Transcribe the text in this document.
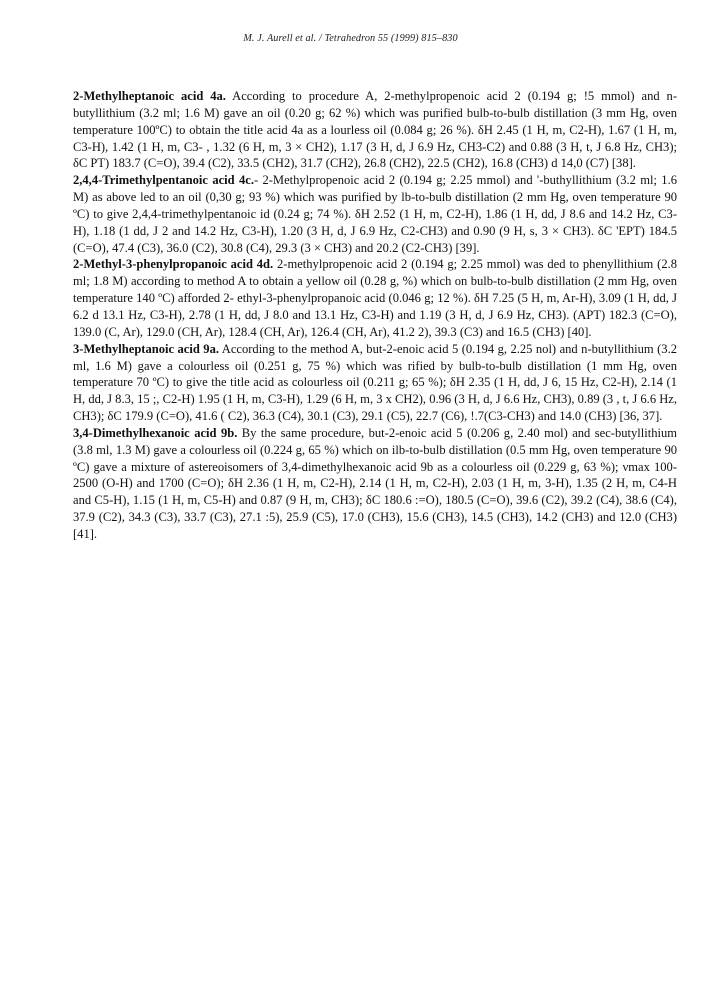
M. J. Aurell et al. / Tetrahedron 55 (1999) 815–830

2-Methylheptanoic acid 4a. According to procedure A, 2-methylpropenoic acid 2 (0.194 g; !5 mmol) and n-butyllithium (3.2 ml; 1.6 M) gave an oil (0.20 g; 62 %) which was purified bulb-to-bulb distillation (3 mm Hg, oven temperature 100ºC) to obtain the title acid 4a as a lourless oil (0.084 g; 26 %). δH 2.45 (1 H, m, C2-H), 1.67 (1 H, m, C3-H), 1.42 (1 H, m, C3- , 1.32 (6 H, m, 3 × CH2), 1.17 (3 H, d, J 6.9 Hz, CH3-C2) and 0.88 (3 H, t, J 6.8 Hz, CH3); δC PT) 183.7 (C=O), 39.4 (C2), 33.5 (CH2), 31.7 (CH2), 26.8 (CH2), 22.5 (CH2), 16.8 (CH3) d 14,0 (C7) [38].

2,4,4-Trimethylpentanoic acid 4c.- 2-Methylpropenoic acid 2 (0.194 g; 2.25 mmol) and '-buthyllithium (3.2 ml; 1.6 M) as above led to an oil (0,30 g; 93 %) which was purified by lb-to-bulb distillation (2 mm Hg, oven temperature 90 ºC) to give 2,4,4-trimethylpentanoic id (0.24 g; 74 %). δH 2.52 (1 H, m, C2-H), 1.86 (1 H, dd, J 8.6 and 14.2 Hz, C3-H), 1.18 (1 dd, J 2 and 14.2 Hz, C3-H), 1.20 (3 H, d, J 6.9 Hz, C2-CH3) and 0.90 (9 H, s, 3 × CH3). δC 'EPT) 184.5 (C=O), 47.4 (C3), 36.0 (C2), 30.8 (C4), 29.3 (3 × CH3) and 20.2 (C2-CH3) [39].

2-Methyl-3-phenylpropanoic acid 4d. 2-methylpropenoic acid 2 (0.194 g; 2.25 mmol) was ded to phenyllithium (2.8 ml; 1.8 M) according to method A to obtain a yellow oil (0.28 g, %) which on bulb-to-bulb distillation (2 mm Hg, oven temperature 140 ºC) afforded 2- ethyl-3-phenylpropanoic acid (0.046 g; 12 %). δH 7.25 (5 H, m, Ar-H), 3.09 (1 H, dd, J 6.2 d 13.1 Hz, C3-H), 2.78 (1 H, dd, J 8.0 and 13.1 Hz, C3-H) and 1.19 (3 H, d, J 6.9 Hz, CH3). (APT) 182.3 (C=O), 139.0 (C, Ar), 129.0 (CH, Ar), 128.4 (CH, Ar), 126.4 (CH, Ar), 41.2 2), 39.3 (C3) and 16.5 (CH3) [40].

3-Methylheptanoic acid 9a. According to the method A, but-2-enoic acid 5 (0.194 g, 2.25 nol) and n-butyllithium (3.2 ml, 1.6 M) gave a colourless oil (0.251 g, 75 %) which was rified by bulb-to-bulb distillation (1 mm Hg, oven temperature 70 ºC) to give the title acid as colourless oil (0.211 g; 65 %); δH 2.35 (1 H, dd, J 6, 15 Hz, C2-H), 2.14 (1 H, dd, J 8.3, 15 ;, C2-H) 1.95 (1 H, m, C3-H), 1.29 (6 H, m, 3 x CH2), 0.96 (3 H, d, J 6.6 Hz, CH3), 0.89 (3 , t, J 6.6 Hz, CH3); δC 179.9 (C=O), 41.6 ( C2), 36.3 (C4), 30.1 (C3), 29.1 (C5), 22.7 (C6), !.7(C3-CH3) and 14.0 (CH3) [36, 37].

3,4-Dimethylhexanoic acid 9b. By the same procedure, but-2-enoic acid 5 (0.206 g, 2.40 mol) and sec-butyllithium (3.8 ml, 1.3 M) gave a colourless oil (0.224 g, 65 %) which on ilb-to-bulb distillation (0.5 mm Hg, oven temperature 90 ºC) gave a mixture of astereoisomers of 3,4-dimethylhexanoic acid 9b as a colourless oil (0.229 g, 63 %); νmax 100-2500 (O-H) and 1700 (C=O); δH 2.36 (1 H, m, C2-H), 2.14 (1 H, m, C2-H), 2.03 (1 H, m, 3-H), 1.35 (2 H, m, C4-H and C5-H), 1.15 (1 H, m, C5-H) and 0.87 (9 H, m, CH3); δC 180.6 :=O), 180.5 (C=O), 39.6 (C2), 39.2 (C4), 38.6 (C4), 37.9 (C2), 34.3 (C3), 33.7 (C3), 27.1 :5), 25.9 (C5), 17.0 (CH3), 15.6 (CH3), 14.5 (CH3), 14.2 (CH3) and 12.0 (CH3) [41].
